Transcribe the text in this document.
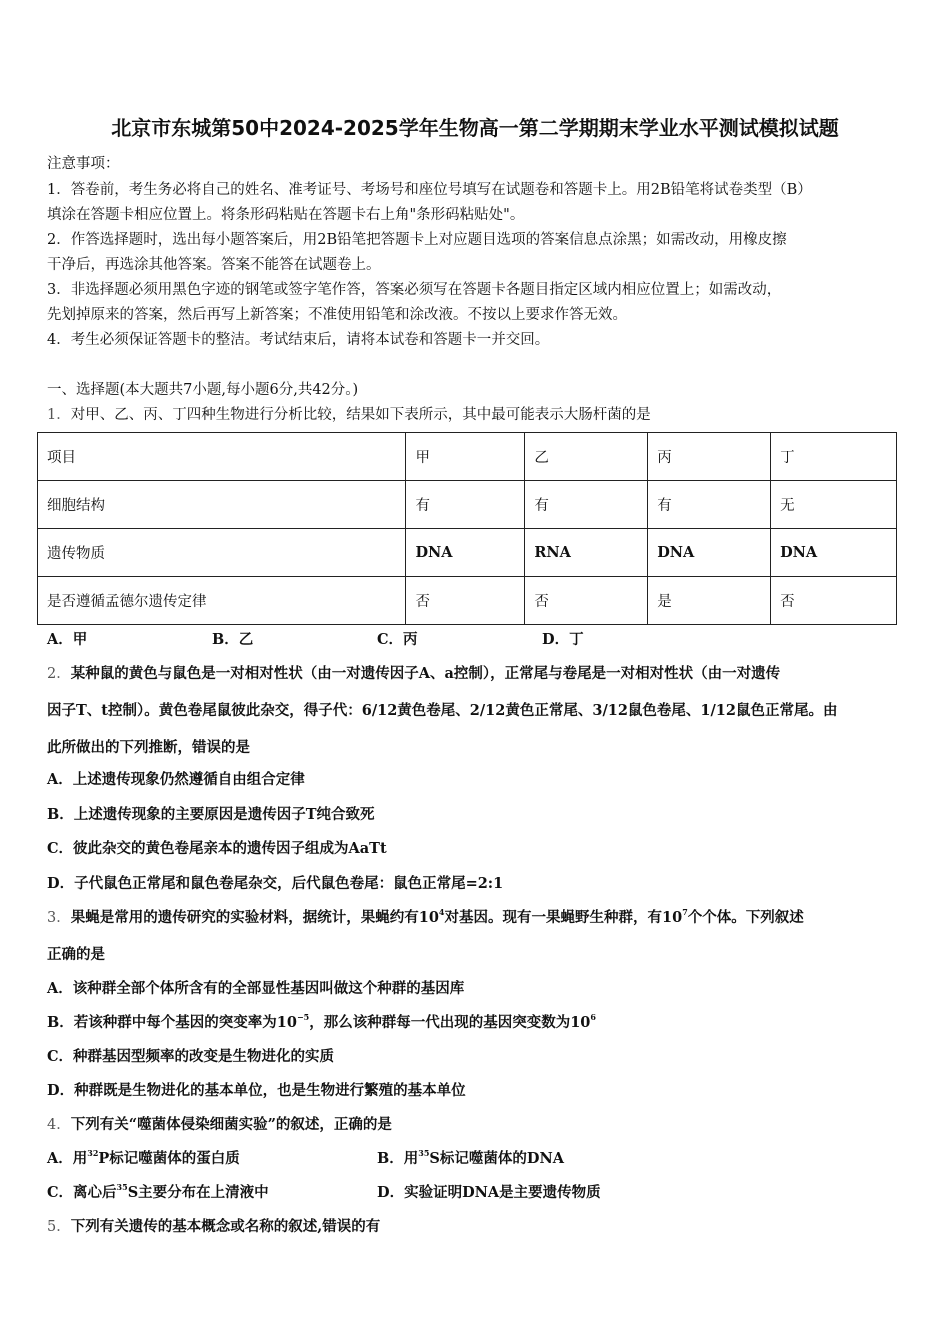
北京市东城第50中2024-2025学年生物高一第二学期期末学业水平测试模拟试题
注意事项：
1．答卷前，考生务必将自己的姓名、准考证号、考场号和座位号填写在试题卷和答题卡上。用2B铅笔将试卷类型（B）
填涂在答题卡相应位置上。将条形码粘贴在答题卡右上角"条形码粘贴处"。
2．作答选择题时，选出每小题答案后，用2B铅笔把答题卡上对应题目选项的答案信息点涂黑；如需改动，用橡皮擦
干净后，再选涂其他答案。答案不能答在试题卷上。
3．非选择题必须用黑色字迹的钢笔或签字笔作答，答案必须写在答题卡各题目指定区域内相应位置上；如需改动，
先划掉原来的答案，然后再写上新答案；不准使用铅笔和涂改液。不按以上要求作答无效。
4．考生必须保证答题卡的整洁。考试结束后，请将本试卷和答题卡一并交回。
一、选择题(本大题共7小题,每小题6分,共42分。)
1．对甲、乙、丙、丁四种生物进行分析比较，结果如下表所示，其中最可能表示大肠杆菌的是
项目	甲	乙	丙	丁
细胞结构	有	有	有	无
遗传物质	DNA	RNA	DNA	DNA
是否遵循孟德尔遗传定律	否	否	是	否
A．甲	B．乙	C．丙	D．丁
2．某种鼠的黄色与鼠色是一对相对性状（由一对遗传因子A、a控制），正常尾与卷尾是一对相对性状（由一对遗传
因子T、t控制）。黄色卷尾鼠彼此杂交，得子代：6/12黄色卷尾、2/12黄色正常尾、3/12鼠色卷尾、1/12鼠色正常尾。由
此所做出的下列推断，错误的是
A．上述遗传现象仍然遵循自由组合定律
B．上述遗传现象的主要原因是遗传因子T纯合致死
C．彼此杂交的黄色卷尾亲本的遗传因子组成为AaTt
D．子代鼠色正常尾和鼠色卷尾杂交，后代鼠色卷尾：鼠色正常尾=2:1
3．果蝇是常用的遗传研究的实验材料，据统计，果蝇约有$10^4$对基因。现有一果蝇野生种群，有$10^7$个个体。下列叙述
正确的是
A．该种群全部个体所含有的全部显性基因叫做这个种群的基因库
B．若该种群中每个基因的突变率为$10^{-5}$，那么该种群每一代出现的基因突变数为$10^6$
C．种群基因型频率的改变是生物进化的实质
D．种群既是生物进化的基本单位，也是生物进行繁殖的基本单位
4．下列有关“噬菌体侵染细菌实验”的叙述，正确的是
A．用$^{32}$P标记噬菌体的蛋白质	B．用$^{35}$S标记噬菌体的DNA
C．离心后$^{35}$S主要分布在上清液中	D．实验证明DNA是主要遗传物质
5．下列有关遗传的基本概念或名称的叙述,错误的有
